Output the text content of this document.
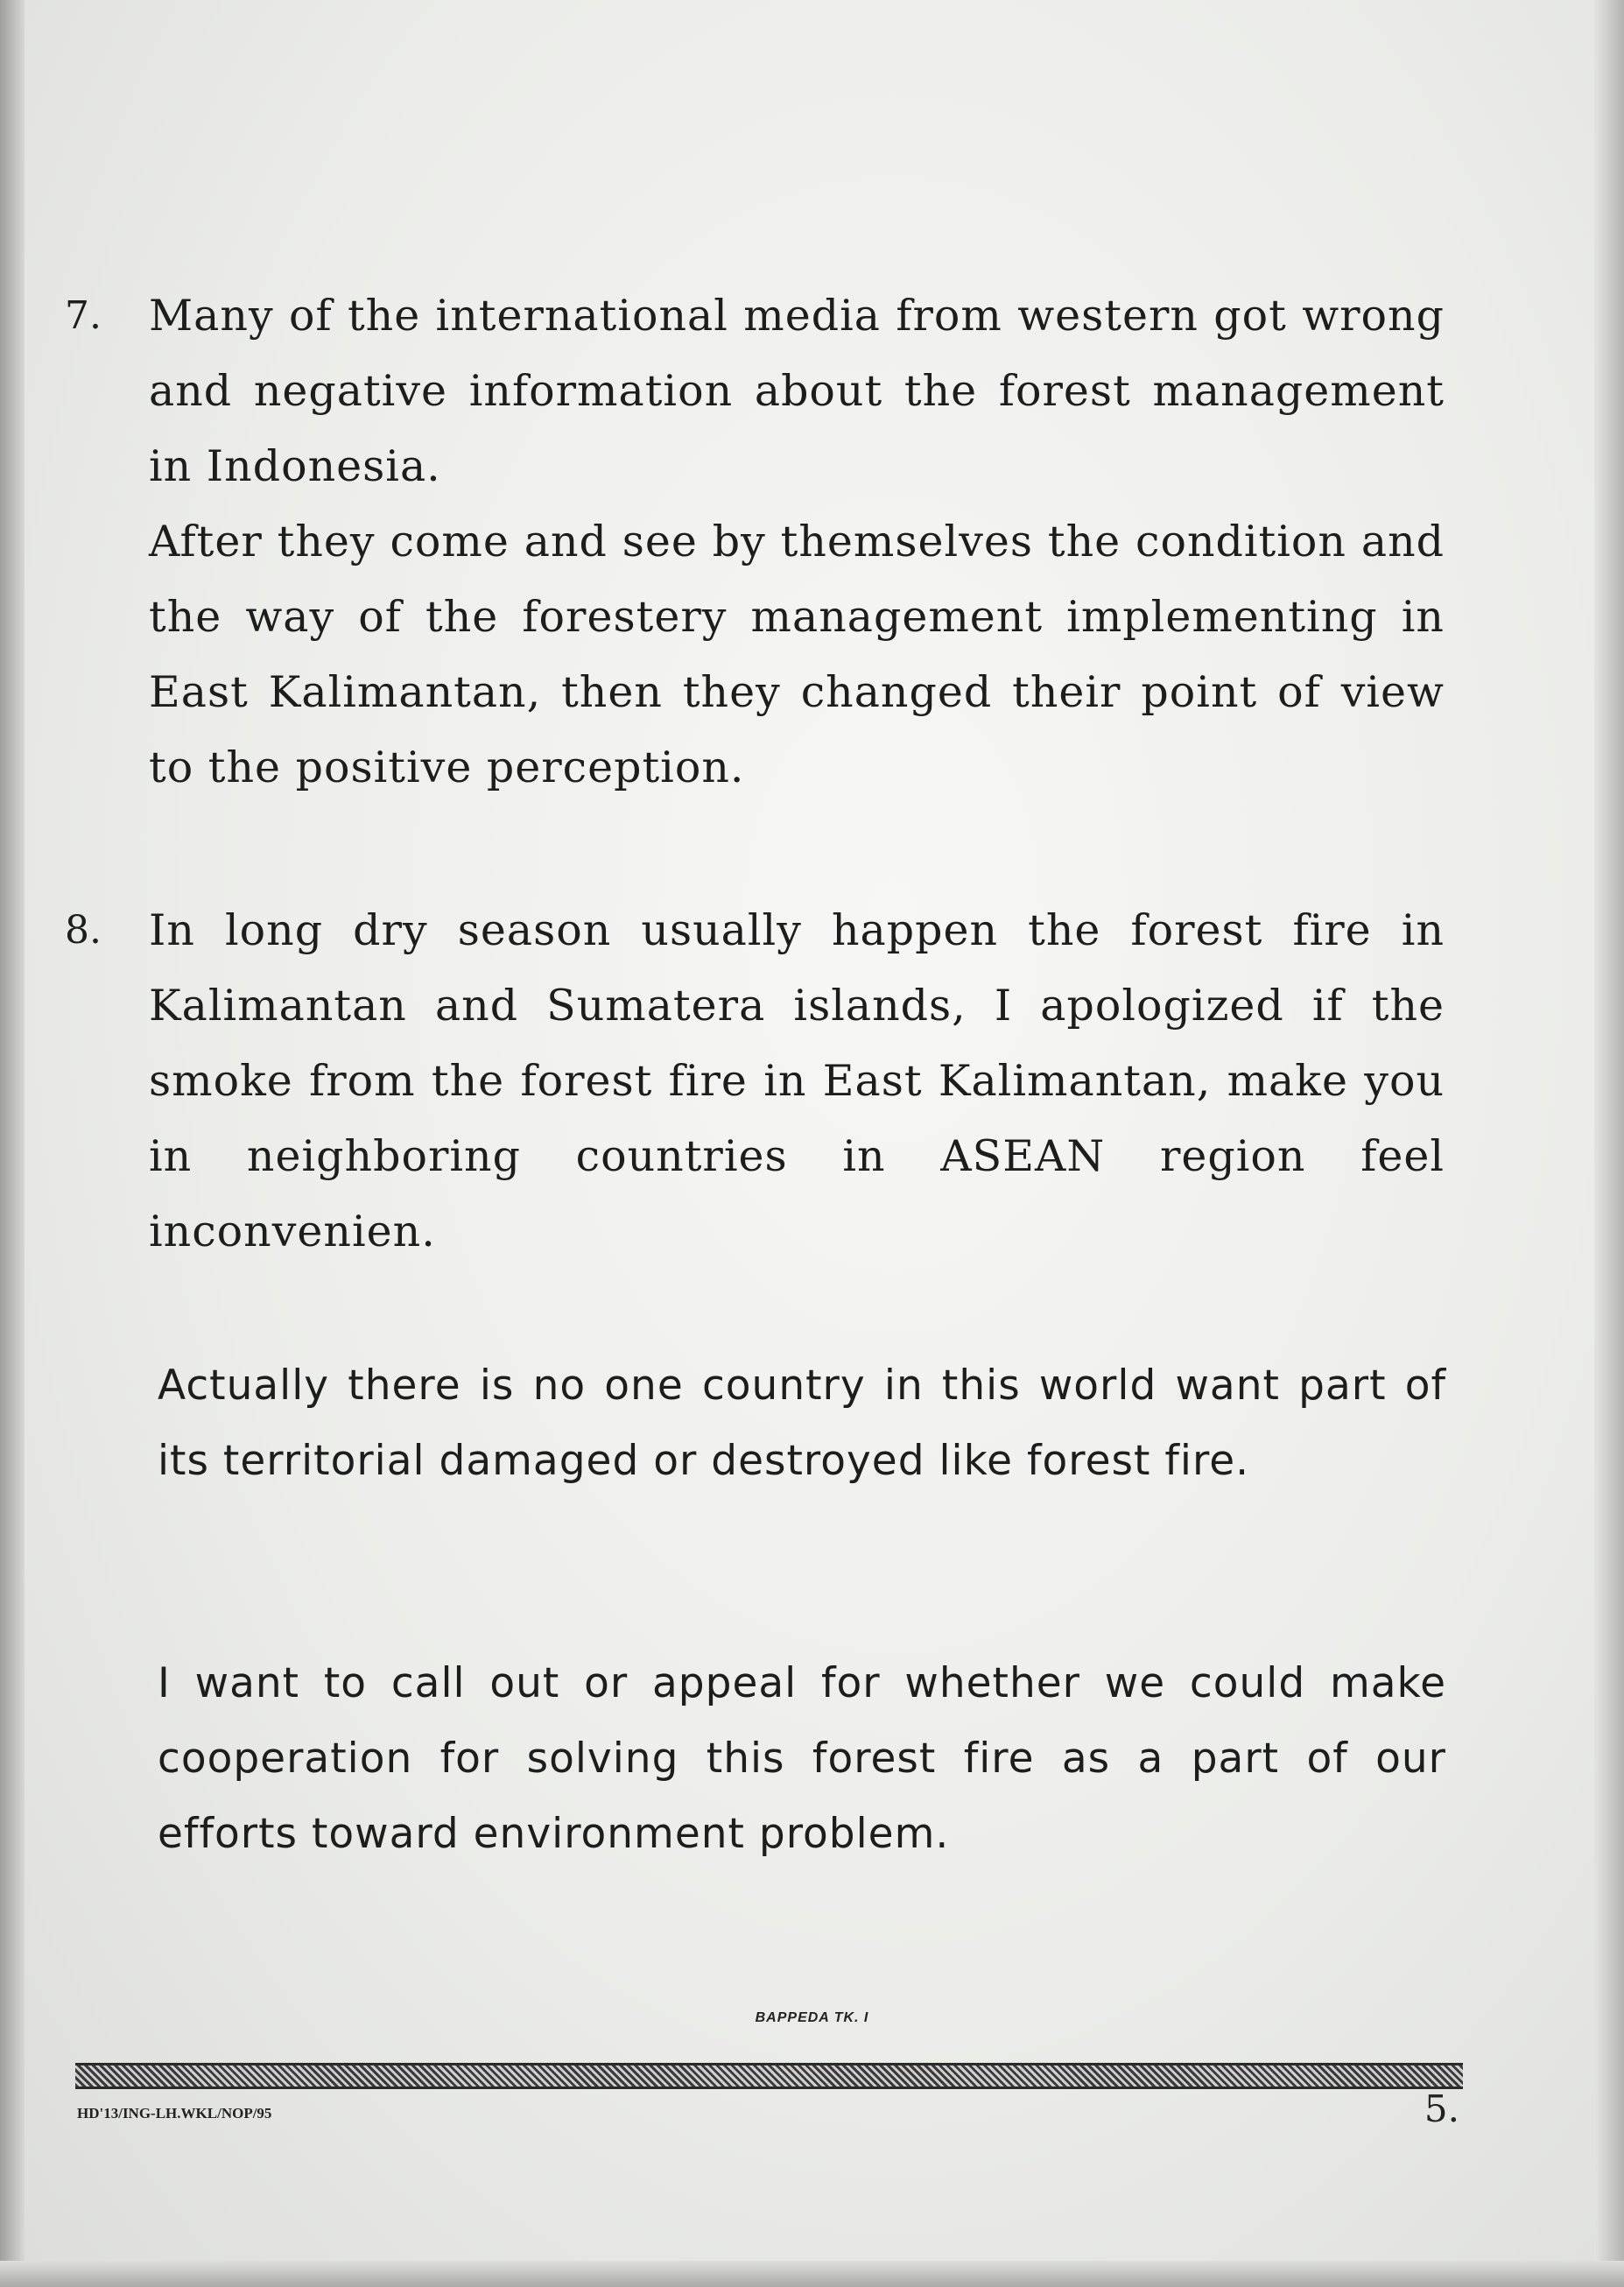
7. Many of the international media from western got wrong and negative information about the forest management in Indonesia.

After they come and see by themselves the condition and the way of the forestery management implementing in East Kalimantan, then they changed their point of view to the positive perception.

8. In long dry season usually happen the forest fire in Kalimantan and Sumatera islands, I apologized if the smoke from the forest fire in East Kalimantan, make you in neighboring countries in ASEAN region feel inconvenien.

Actually there is no one country in this world want part of its territorial damaged or destroyed like forest fire.

I want to call out or appeal for whether we could make cooperation for solving this forest fire as a part of our efforts toward environment problem.

BAPPEDA TK. I
HD'13/ING-LH.WKL/NOP/95	5.
